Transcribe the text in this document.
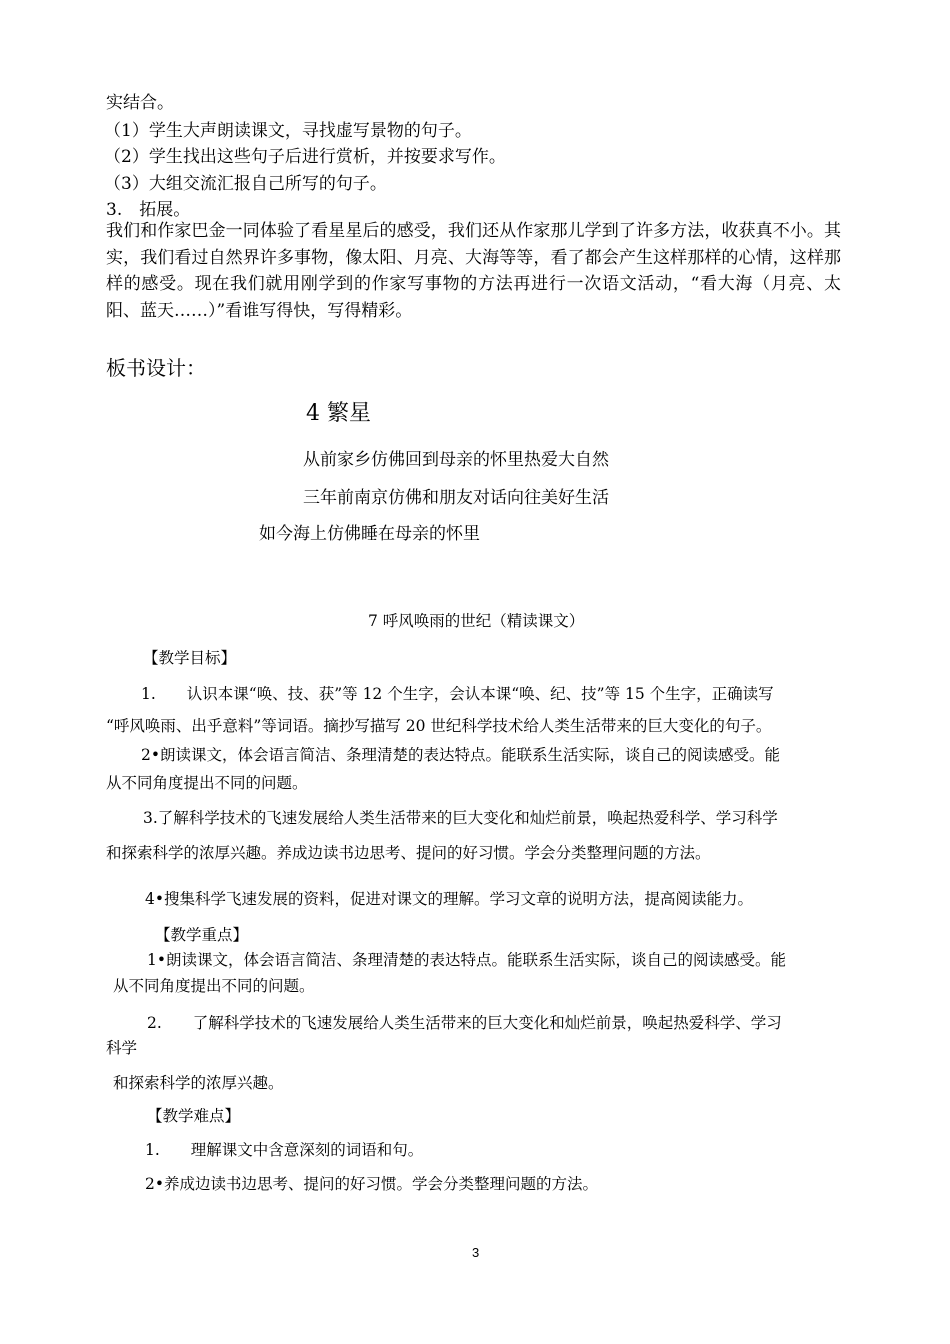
实结合。
（1）学生大声朗读课文，寻找虚写景物的句子。
（2）学生找出这些句子后进行赏析，并按要求写作。
（3）大组交流汇报自己所写的句子。
3.　拓展。
我们和作家巴金一同体验了看星星后的感受，我们还从作家那儿学到了许多方法，收获真不小。其实，我们看过自然界许多事物，像太阳、月亮、大海等等，看了都会产生这样那样的心情，这样那样的感受。现在我们就用刚学到的作家写事物的方法再进行一次语文活动，“看大海（月亮、太阳、蓝天……）”看谁写得快，写得精彩。
板书设计：
4 繁星
从前家乡仿佛回到母亲的怀里热爱大自然
三年前南京仿佛和朋友对话向往美好生活
如今海上仿佛睡在母亲的怀里
7 呼风唤雨的世纪（精读课文）
【教学目标】
1.　　认识本课“唤、技、获”等 12 个生字，会认本课“唤、纪、技”等 15 个生字，正确读写
“呼风唤雨、出乎意料”等词语。摘抄写描写 20 世纪科学技术给人类生活带来的巨大变化的句子。
2•朗读课文，体会语言简洁、条理清楚的表达特点。能联系生活实际，谈自己的阅读感受。能
从不同角度提出不同的问题。
3.了解科学技术的飞速发展给人类生活带来的巨大变化和灿烂前景，唤起热爱科学、学习科学
和探索科学的浓厚兴趣。养成边读书边思考、提问的好习惯。学会分类整理问题的方法。
4•搜集科学飞速发展的资料，促进对课文的理解。学习文章的说明方法，提高阅读能力。
【教学重点】
1•朗读课文，体会语言简洁、条理清楚的表达特点。能联系生活实际，谈自己的阅读感受。能
从不同角度提出不同的问题。
2.　　了解科学技术的飞速发展给人类生活带来的巨大变化和灿烂前景，唤起热爱科学、学习
科学
和探索科学的浓厚兴趣。
【教学难点】
1.　　理解课文中含意深刻的词语和句。
2•养成边读书边思考、提问的好习惯。学会分类整理问题的方法。
3
